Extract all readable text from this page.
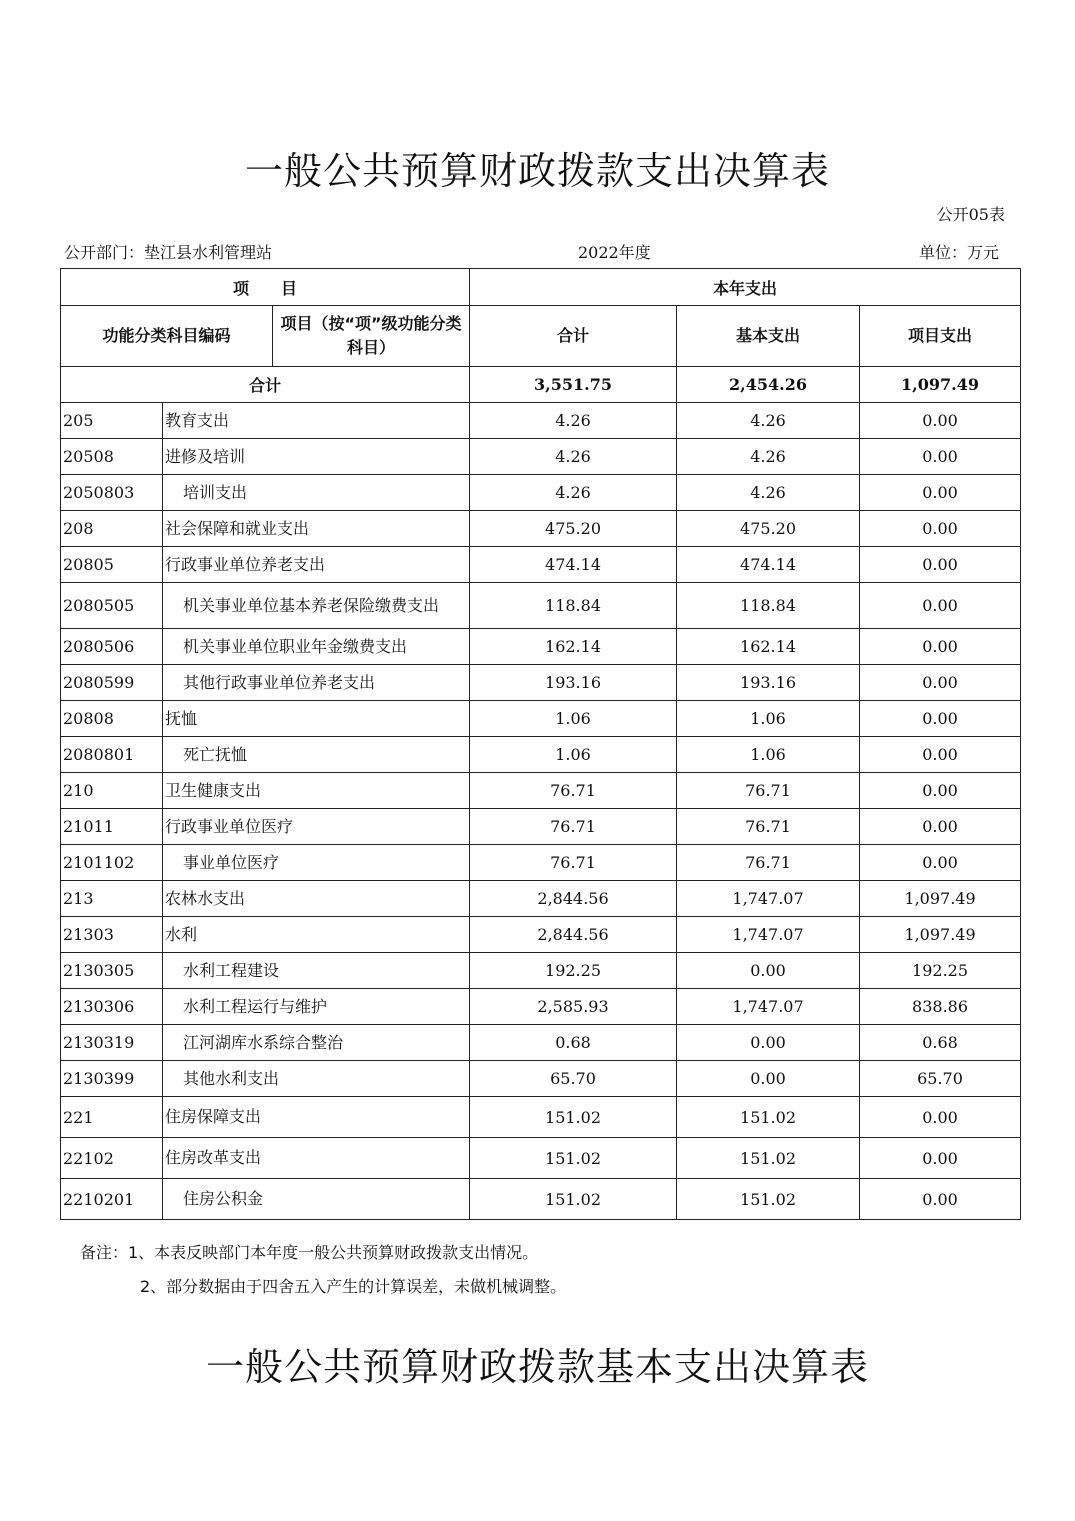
一般公共预算财政拨款支出决算表
公开05表
公开部门：垫江县水利管理站	2022年度	单位：万元
项　　目			本年支出		
功能分类科目编码		项目（按“项”级功能分类科目）	合计	基本支出	项目支出
合计			3,551.75	2,454.26	1,097.49
205	教育支出		4.26	4.26	0.00
20508	进修及培训		4.26	4.26	0.00
2050803	培训支出		4.26	4.26	0.00
208	社会保障和就业支出		475.20	475.20	0.00
20805	行政事业单位养老支出		474.14	474.14	0.00
2080505	机关事业单位基本养老保险缴费支出		118.84	118.84	0.00
2080506	机关事业单位职业年金缴费支出		162.14	162.14	0.00
2080599	其他行政事业单位养老支出		193.16	193.16	0.00
20808	抚恤		1.06	1.06	0.00
2080801	死亡抚恤		1.06	1.06	0.00
210	卫生健康支出		76.71	76.71	0.00
21011	行政事业单位医疗		76.71	76.71	0.00
2101102	事业单位医疗		76.71	76.71	0.00
213	农林水支出		2,844.56	1,747.07	1,097.49
21303	水利		2,844.56	1,747.07	1,097.49
2130305	水利工程建设		192.25	0.00	192.25
2130306	水利工程运行与维护		2,585.93	1,747.07	838.86
2130319	江河湖库水系综合整治		0.68	0.00	0.68
2130399	其他水利支出		65.70	0.00	65.70
221	住房保障支出		151.02	151.02	0.00
22102	住房改革支出		151.02	151.02	0.00
2210201	住房公积金		151.02	151.02	0.00
备注：1、本表反映部门本年度一般公共预算财政拨款支出情况。
2、部分数据由于四舍五入产生的计算误差，未做机械调整。
一般公共预算财政拨款基本支出决算表
